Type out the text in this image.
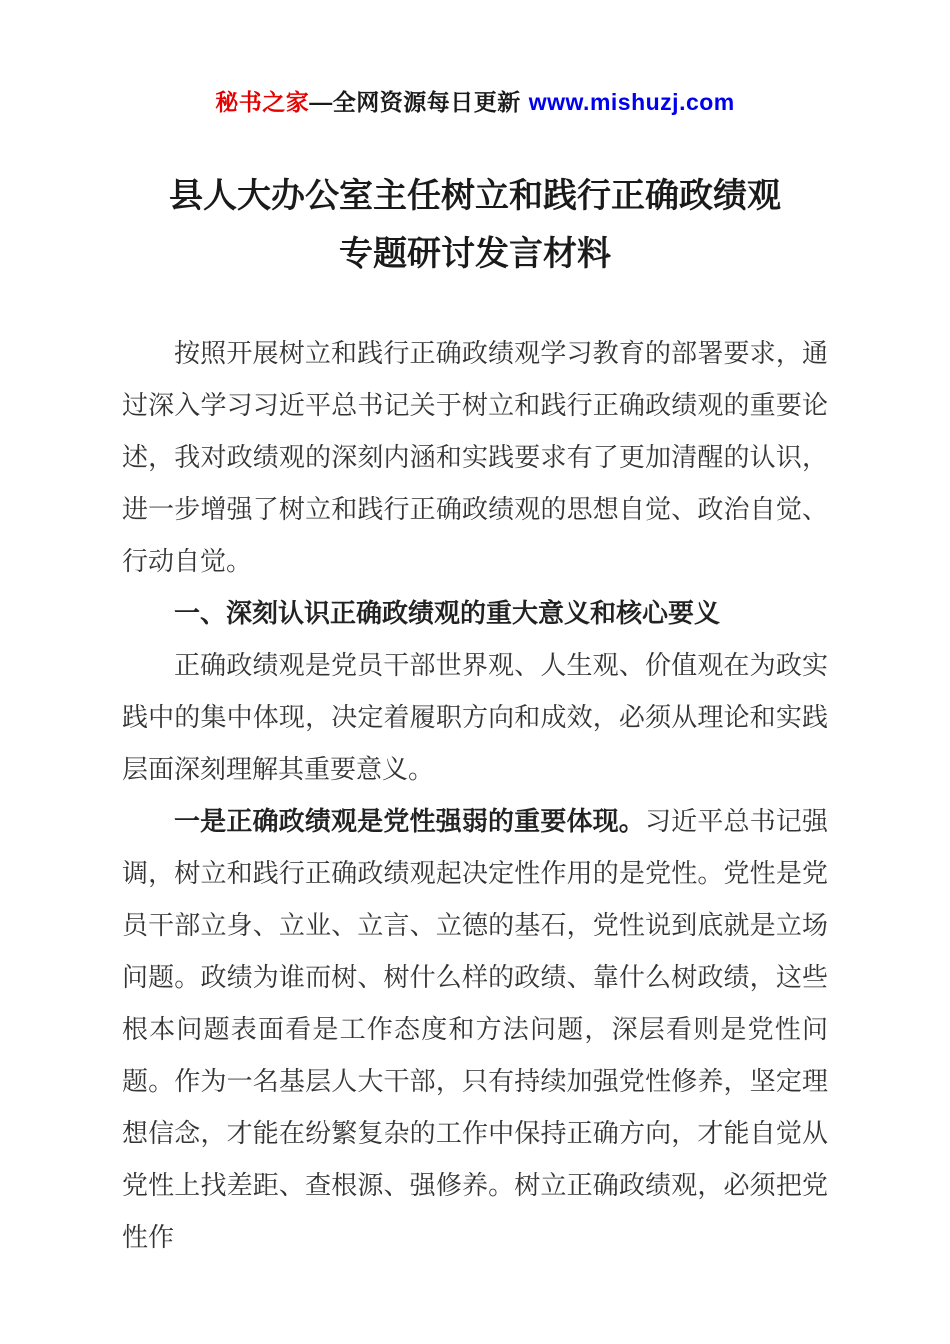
秘书之家—全网资源每日更新 www.mishuzj.com
县人大办公室主任树立和践行正确政绩观
专题研讨发言材料

按照开展树立和践行正确政绩观学习教育的部署要求，通过深入学习习近平总书记关于树立和践行正确政绩观的重要论述，我对政绩观的深刻内涵和实践要求有了更加清醒的认识，进一步增强了树立和践行正确政绩观的思想自觉、政治自觉、行动自觉。

一、深刻认识正确政绩观的重大意义和核心要义

正确政绩观是党员干部世界观、人生观、价值观在为政实践中的集中体现，决定着履职方向和成效，必须从理论和实践层面深刻理解其重要意义。

一是正确政绩观是党性强弱的重要体现。习近平总书记强调，树立和践行正确政绩观起决定性作用的是党性。党性是党员干部立身、立业、立言、立德的基石，党性说到底就是立场问题。政绩为谁而树、树什么样的政绩、靠什么树政绩，这些根本问题表面看是工作态度和方法问题，深层看则是党性问题。作为一名基层人大干部，只有持续加强党性修养，坚定理想信念，才能在纷繁复杂的工作中保持正确方向，才能自觉从党性上找差距、查根源、强修养。树立正确政绩观，必须把党性作
